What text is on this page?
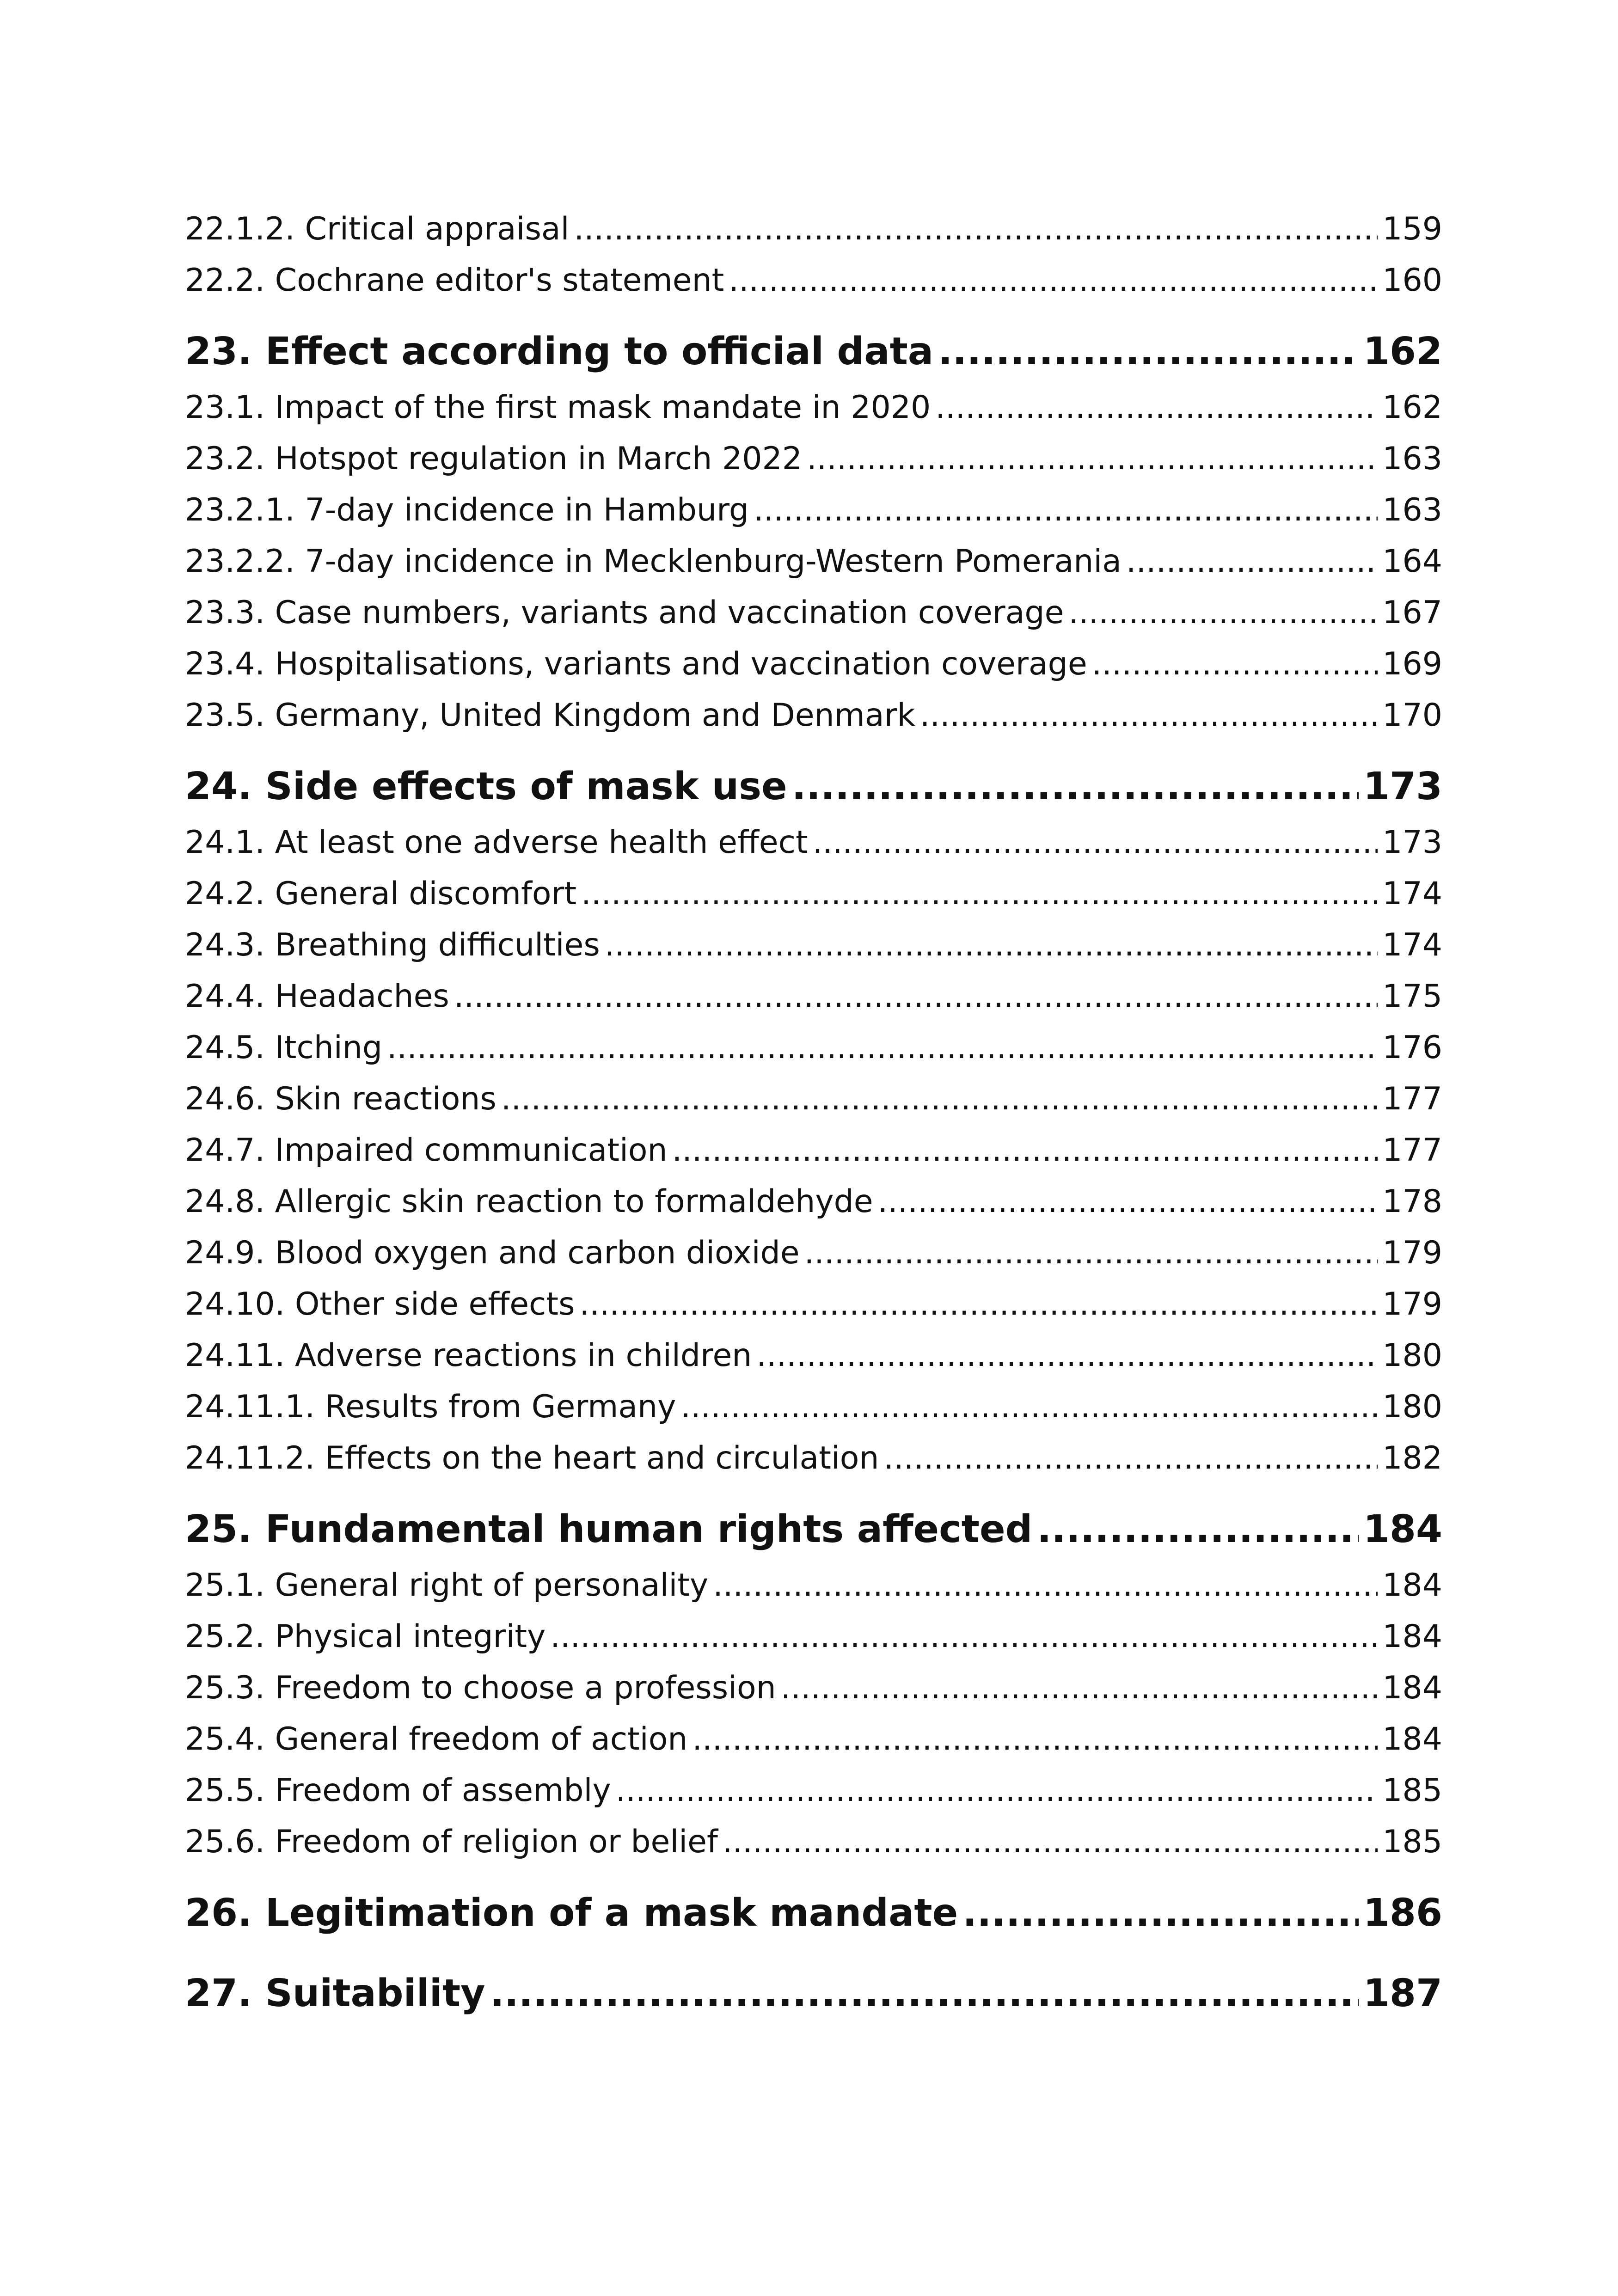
22.1.2. Critical appraisal .....	159
22.2. Cochrane editor's statement .....	160
23. Effect according to official data .....	162
23.1. Impact of the first mask mandate in 2020 .....	162
23.2. Hotspot regulation in March 2022 .....	163
23.2.1. 7-day incidence in Hamburg .....	163
23.2.2. 7-day incidence in Mecklenburg-Western Pomerania .....	164
23.3. Case numbers, variants and vaccination coverage .....	167
23.4. Hospitalisations, variants and vaccination coverage .....	169
23.5. Germany, United Kingdom and Denmark .....	170
24. Side effects of mask use .....	173
24.1. At least one adverse health effect .....	173
24.2. General discomfort .....	174
24.3. Breathing difficulties .....	174
24.4. Headaches .....	175
24.5. Itching .....	176
24.6. Skin reactions .....	177
24.7. Impaired communication .....	177
24.8. Allergic skin reaction to formaldehyde .....	178
24.9. Blood oxygen and carbon dioxide .....	179
24.10. Other side effects .....	179
24.11. Adverse reactions in children .....	180
24.11.1. Results from Germany .....	180
24.11.2. Effects on the heart and circulation .....	182
25. Fundamental human rights affected .....	184
25.1. General right of personality .....	184
25.2. Physical integrity .....	184
25.3. Freedom to choose a profession .....	184
25.4. General freedom of action .....	184
25.5. Freedom of assembly .....	185
25.6. Freedom of religion or belief .....	185
26. Legitimation of a mask mandate .....	186
27. Suitability .....	187
